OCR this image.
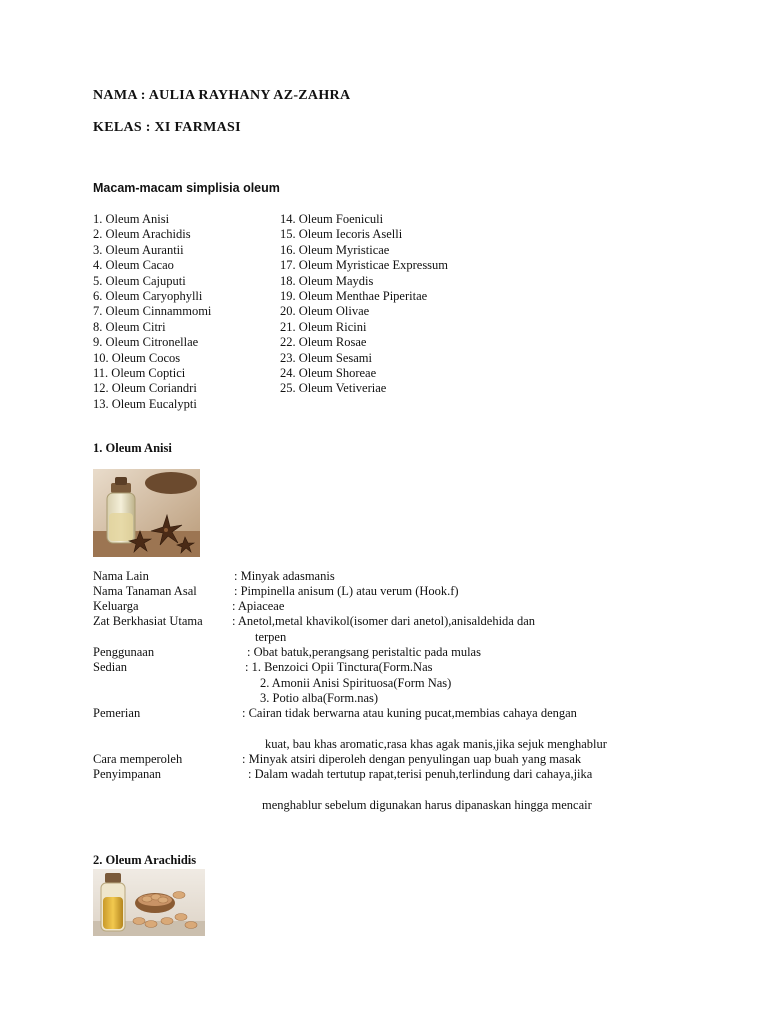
NAMA : AULIA RAYHANY AZ-ZAHRA
KELAS : XI FARMASI
Macam-macam simplisia oleum
1. Oleum Anisi
2. Oleum Arachidis
3. Oleum Aurantii
4. Oleum Cacao
5. Oleum Cajuputi
6. Oleum Caryophylli
7. Oleum Cinnammomi
8. Oleum Citri
9. Oleum Citronellae
10. Oleum Cocos
11. Oleum Coptici
12. Oleum Coriandri
13. Oleum Eucalypti
14. Oleum Foeniculi
15. Oleum Iecoris Aselli
16. Oleum Myristicae
17. Oleum Myristicae Expressum
18. Oleum Maydis
19. Oleum Menthae Piperitae
20. Oleum Olivae
21. Oleum Ricini
22. Oleum Rosae
23. Oleum Sesami
24. Oleum Shoreae
25. Oleum Vetiveriae
1. Oleum Anisi
Nama Lain	: Minyak adasmanis
Nama Tanaman Asal	: Pimpinella anisum (L) atau verum (Hook.f)
Keluarga	: Apiaceae
Zat Berkhasiat Utama : Anetol,metal khavikol(isomer dari anetol),anisaldehida dan
terpen
Penggunaan	: Obat batuk,perangsang peristaltic pada mulas
Sedian	: 1. Benzoici Opii Tinctura(Form.Nas
2. Amonii Anisi Spirituosa(Form Nas)
3. Potio alba(Form.nas)
Pemerian	: Cairan tidak berwarna atau kuning pucat,membias cahaya dengan
kuat, bau khas aromatic,rasa khas agak manis,jika sejuk menghablur
Cara memperoleh	: Minyak atsiri diperoleh dengan penyulingan uap buah yang masak
Penyimpanan	: Dalam wadah tertutup rapat,terisi penuh,terlindung dari cahaya,jika
menghablur sebelum digunakan harus dipanaskan hingga mencair
2. Oleum Arachidis
